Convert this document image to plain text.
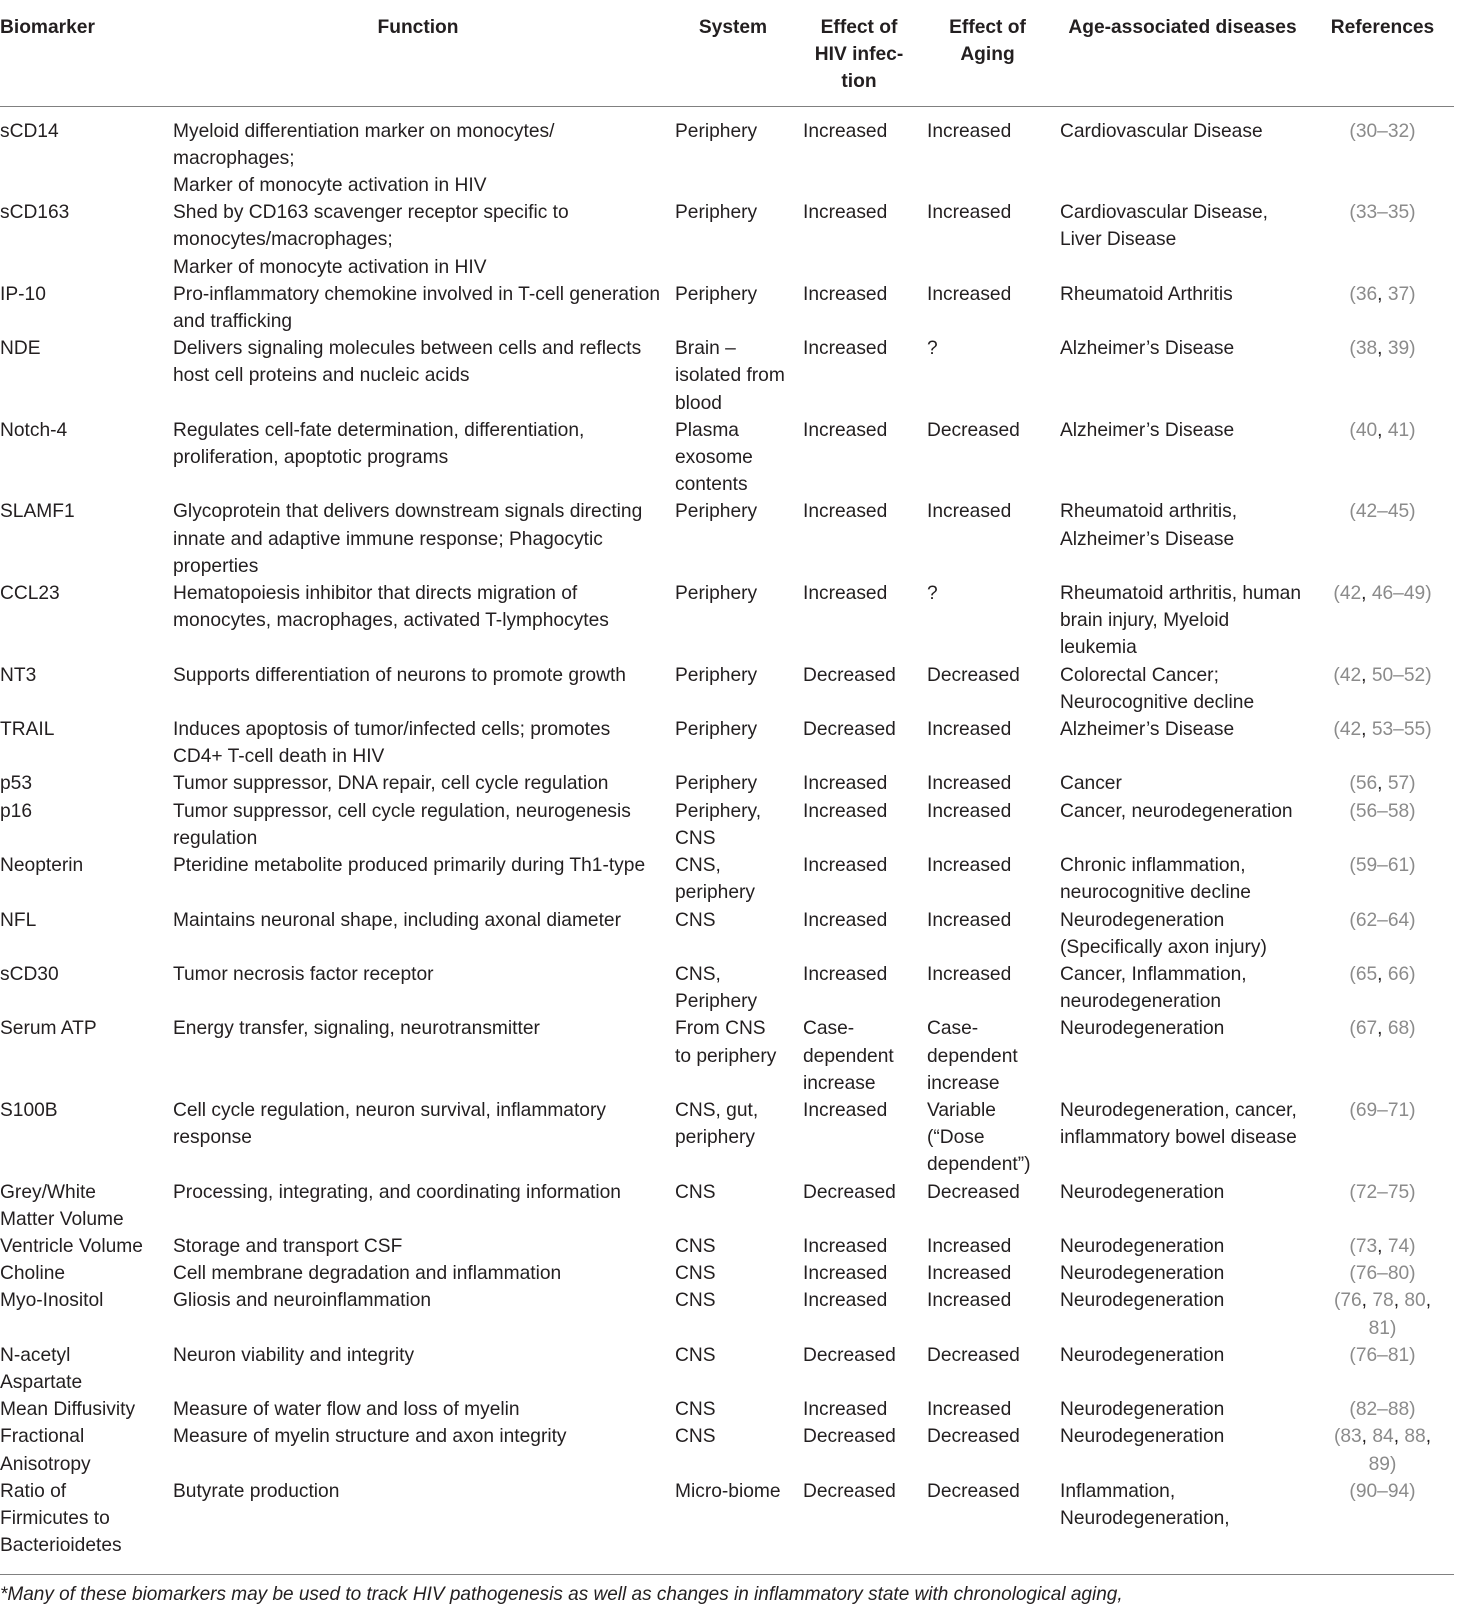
Biomarker	Function	System	Effect of
HIV infec-
tion	Effect of
Aging	Age-associated diseases	References
sCD14	Myeloid differentiation marker on monocytes/
macrophages;
Marker of monocyte activation in HIV	Periphery	Increased	Increased	Cardiovascular Disease	(30–32)
sCD163	Shed by CD163 scavenger receptor specific to
monocytes/macrophages;
Marker of monocyte activation in HIV	Periphery	Increased	Increased	Cardiovascular Disease,
Liver Disease	(33–35)
IP-10	Pro-inflammatory chemokine involved in T-cell generation
and trafficking	Periphery	Increased	Increased	Rheumatoid Arthritis	(36, 37)
NDE	Delivers signaling molecules between cells and reflects
host cell proteins and nucleic acids	Brain –
isolated from
blood	Increased	?	Alzheimer’s Disease	(38, 39)
Notch-4	Regulates cell-fate determination, differentiation,
proliferation, apoptotic programs	Plasma
exosome
contents	Increased	Decreased	Alzheimer’s Disease	(40, 41)
SLAMF1	Glycoprotein that delivers downstream signals directing
innate and adaptive immune response; Phagocytic
properties	Periphery	Increased	Increased	Rheumatoid arthritis,
Alzheimer’s Disease	(42–45)
CCL23	Hematopoiesis inhibitor that directs migration of
monocytes, macrophages, activated T-lymphocytes	Periphery	Increased	?	Rheumatoid arthritis, human
brain injury, Myeloid
leukemia	(42, 46–49)
NT3	Supports differentiation of neurons to promote growth	Periphery	Decreased	Decreased	Colorectal Cancer;
Neurocognitive decline	(42, 50–52)
TRAIL	Induces apoptosis of tumor/infected cells; promotes
CD4+ T-cell death in HIV	Periphery	Decreased	Increased	Alzheimer’s Disease	(42, 53–55)
p53	Tumor suppressor, DNA repair, cell cycle regulation	Periphery	Increased	Increased	Cancer	(56, 57)
p16	Tumor suppressor, cell cycle regulation, neurogenesis
regulation	Periphery,
CNS	Increased	Increased	Cancer, neurodegeneration	(56–58)
Neopterin	Pteridine metabolite produced primarily during Th1-type	CNS,
periphery	Increased	Increased	Chronic inflammation,
neurocognitive decline	(59–61)
NFL	Maintains neuronal shape, including axonal diameter	CNS	Increased	Increased	Neurodegeneration
(Specifically axon injury)	(62–64)
sCD30	Tumor necrosis factor receptor	CNS,
Periphery	Increased	Increased	Cancer, Inflammation,
neurodegeneration	(65, 66)
Serum ATP	Energy transfer, signaling, neurotransmitter	From CNS
to periphery	Case-
dependent
increase	Case-
dependent
increase	Neurodegeneration	(67, 68)
S100B	Cell cycle regulation, neuron survival, inflammatory
response	CNS, gut,
periphery	Increased	Variable
(“Dose
dependent”)	Neurodegeneration, cancer,
inflammatory bowel disease	(69–71)
Grey/White
Matter Volume	Processing, integrating, and coordinating information	CNS	Decreased	Decreased	Neurodegeneration	(72–75)
Ventricle Volume	Storage and transport CSF	CNS	Increased	Increased	Neurodegeneration	(73, 74)
Choline	Cell membrane degradation and inflammation	CNS	Increased	Increased	Neurodegeneration	(76–80)
Myo-Inositol	Gliosis and neuroinflammation	CNS	Increased	Increased	Neurodegeneration	(76, 78, 80,
81)
N-acetyl
Aspartate	Neuron viability and integrity	CNS	Decreased	Decreased	Neurodegeneration	(76–81)
Mean Diffusivity	Measure of water flow and loss of myelin	CNS	Increased	Increased	Neurodegeneration	(82–88)
Fractional
Anisotropy	Measure of myelin structure and axon integrity	CNS	Decreased	Decreased	Neurodegeneration	(83, 84, 88,
89)
Ratio of
Firmicutes to
Bacterioidetes	Butyrate production	Micro-biome	Decreased	Decreased	Inflammation,
Neurodegeneration,	(90–94)
*Many of these biomarkers may be used to track HIV pathogenesis as well as changes in inflammatory state with chronological aging,
